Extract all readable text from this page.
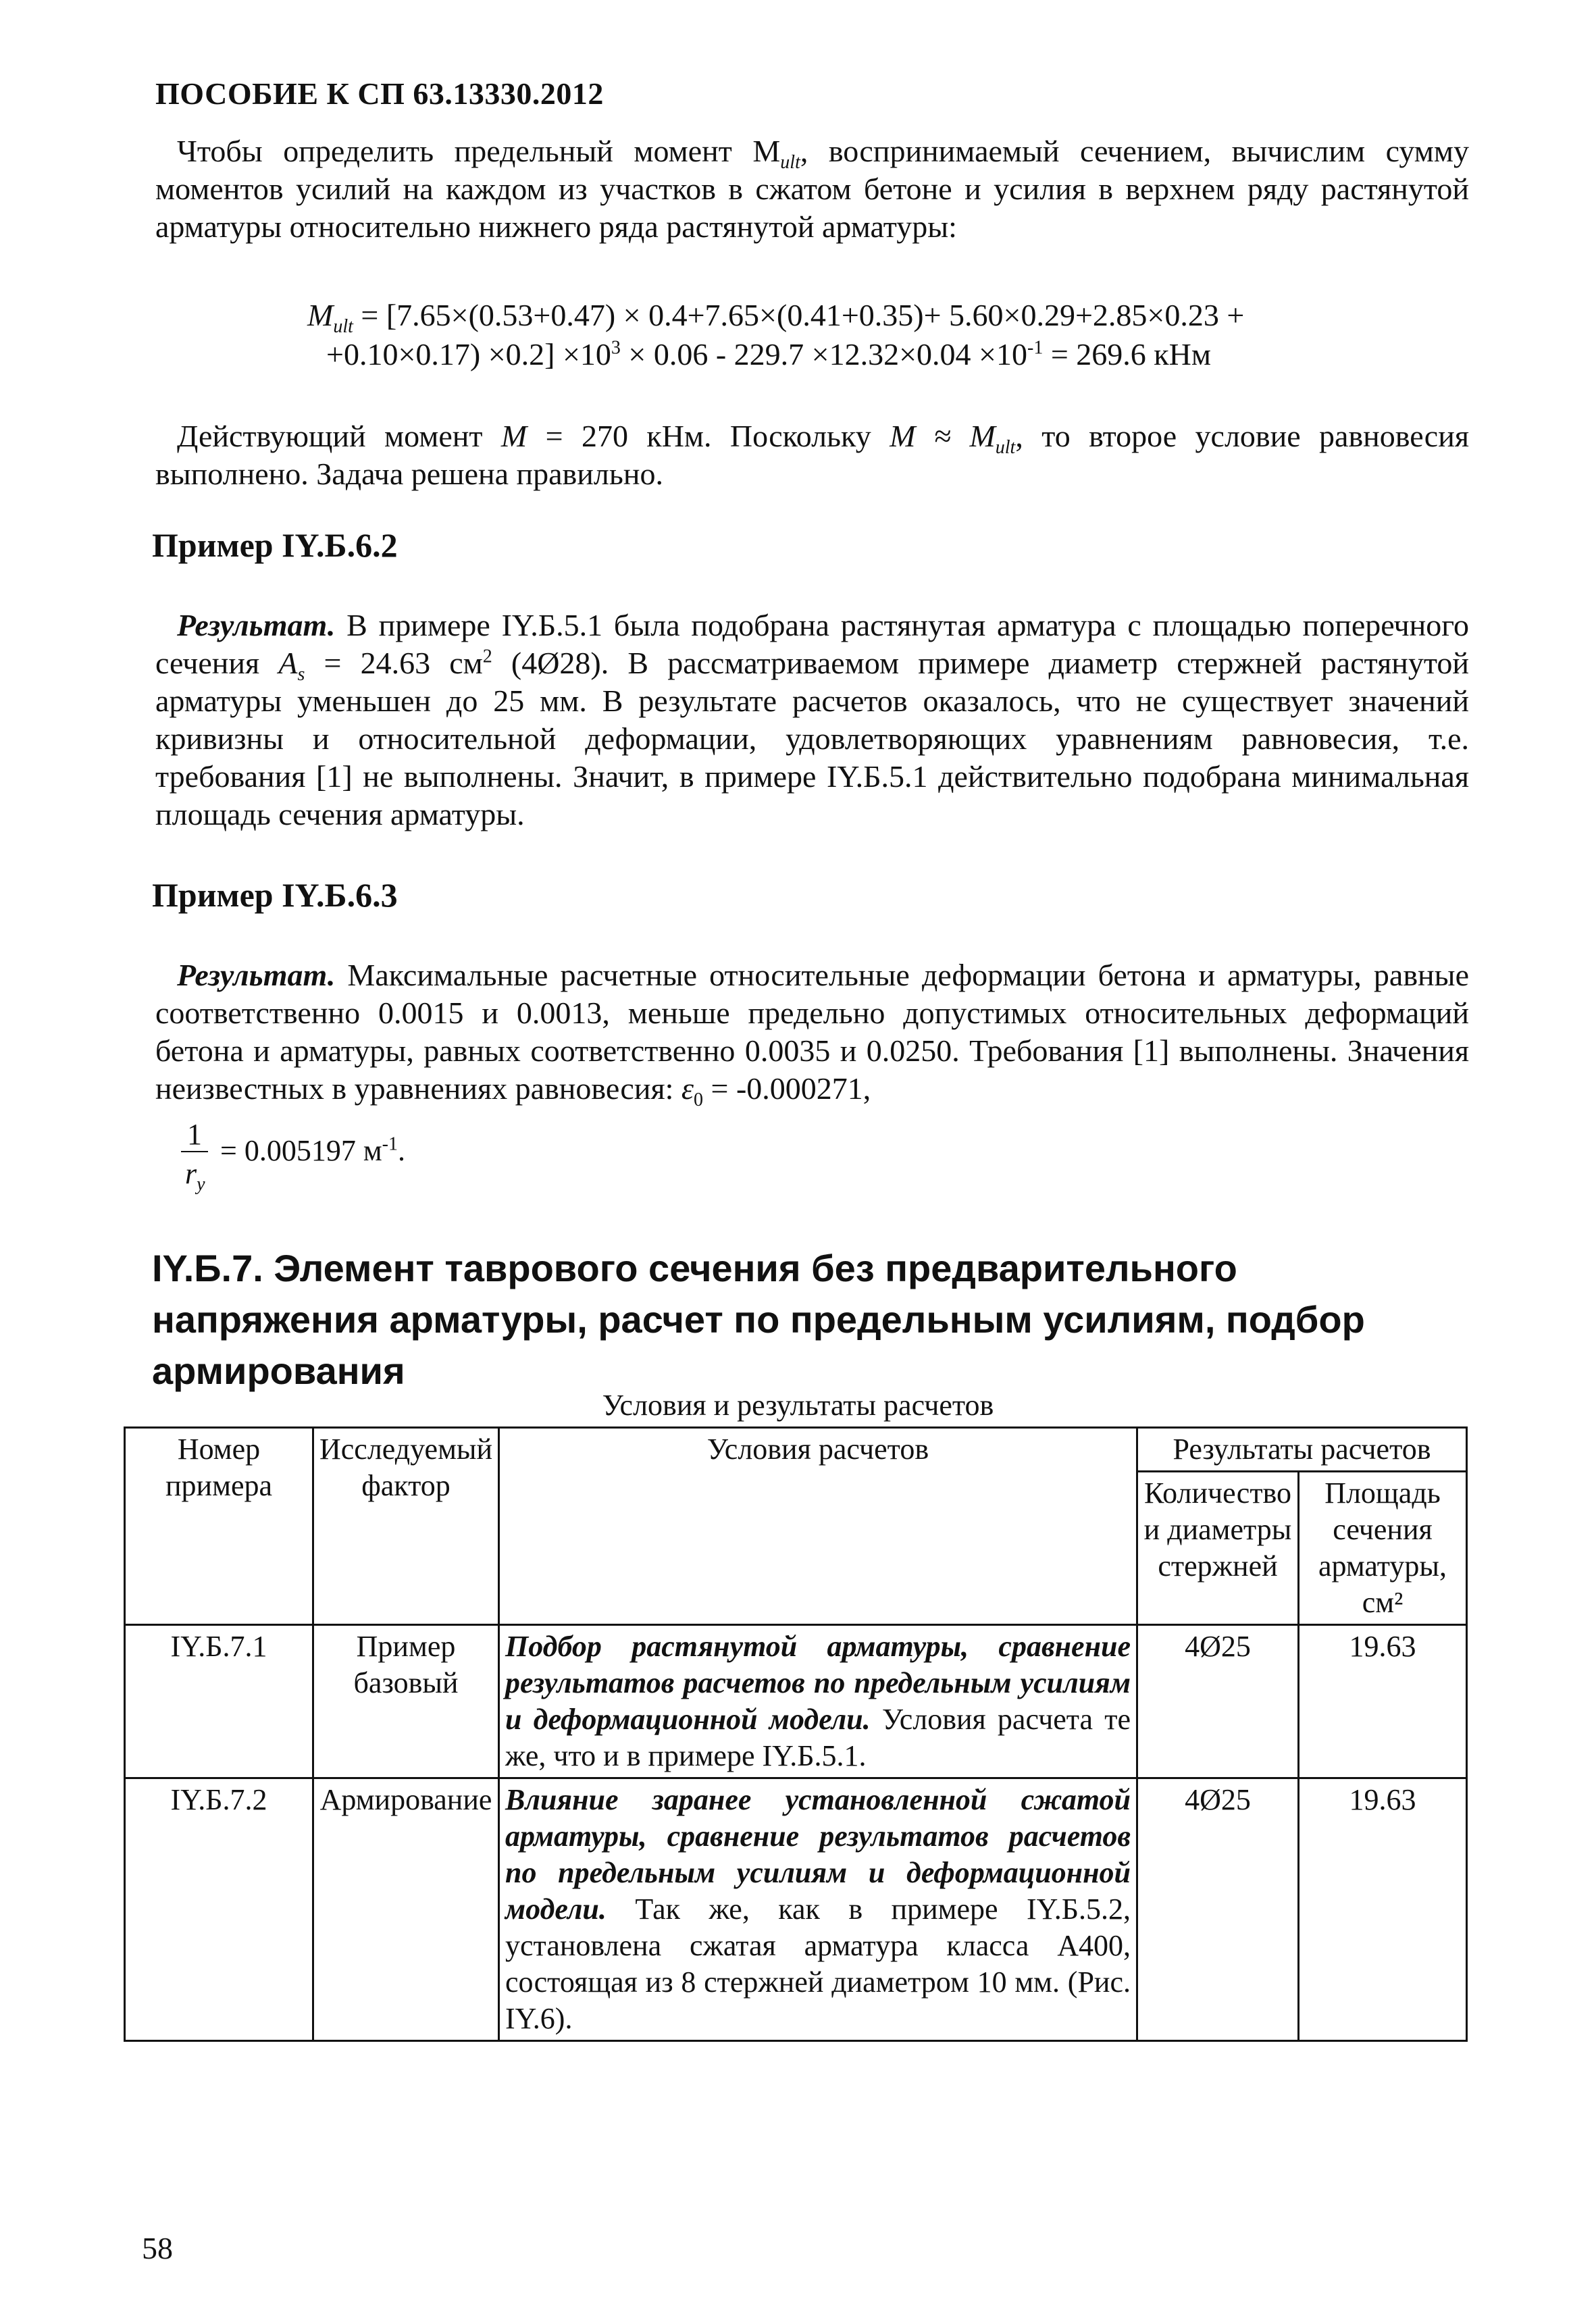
ПОСОБИЕ К СП 63.13330.2012

Чтобы определить предельный момент $M_{ult}$, воспринимаемый сечением, вычислим сумму моментов усилий на каждом из участков в сжатом бетоне и усилия в верхнем ряду растянутой арматуры относительно нижнего ряда растянутой арматуры:

$M_{ult} = [7.65\times(0.53+0.47) \times 0.4+7.65\times(0.41+0.35)+ 5.60\times 0.29+2.85\times 0.23$ +
$+0.10\times 0.17) \times 0.2] \times 10^3 \times 0.06 - 229.7 \times 12.32\times 0.04 \times 10^{-1} = 269.6$ кНм

Действующий момент M = 270 кНм. Поскольку $M \approx M_{ult}$, то второе условие равновесия выполнено. Задача решена правильно.

Пример IY.Б.6.2

Результат. В примере IY.Б.5.1 была подобрана растянутая арматура с площадью поперечного сечения $A_s = 24.63$ $см^2$ (4Ø28). В рассматриваемом примере диаметр стержней растянутой арматуры уменьшен до 25 мм. В результате расчетов оказалось, что не существует значений кривизны и относительной деформации, удовлетворяющих уравнениям равновесия, т.е. требования [1] не выполнены. Значит, в примере IY.Б.5.1 действительно подобрана минимальная площадь сечения арматуры.

Пример IY.Б.6.3

Результат. Максимальные расчетные относительные деформации бетона и арматуры, равные соответственно 0.0015 и 0.0013, меньше предельно допустимых относительных деформаций бетона и арматуры, равных соответственно 0.0035 и 0.0250. Требования [1] выполнены. Значения неизвестных в уравнениях равновесия: $\varepsilon_0 = -0.000271$,

1
$r_y$
= 0.005197 $м^{-1}$.
IY.Б.7. Элемент таврового сечения без предварительного напряжения арматуры, расчет по предельным усилиям, подбор армирования
Условия и результаты расчетов
Номер примера	Исследуемый фактор	Условия расчетов	Результаты расчетов	
			Количество и диаметры стержней	Площадь сечения арматуры, см²
IY.Б.7.1	Пример базовый	Подбор растянутой арматуры, сравнение результатов расчетов по предельным усилиям и деформационной модели. Условия расчета те же, что и в примере IY.Б.5.1.	4Ø25	19.63
IY.Б.7.2	Армирование	Влияние заранее установленной сжатой арматуры, сравнение результатов расчетов по предельным усилиям и деформационной модели. Так же, как в примере IY.Б.5.2, установлена сжатая арматура класса А400, состоящая из 8 стержней диаметром 10 мм. (Рис. IY.6).	4Ø25	19.63
58
